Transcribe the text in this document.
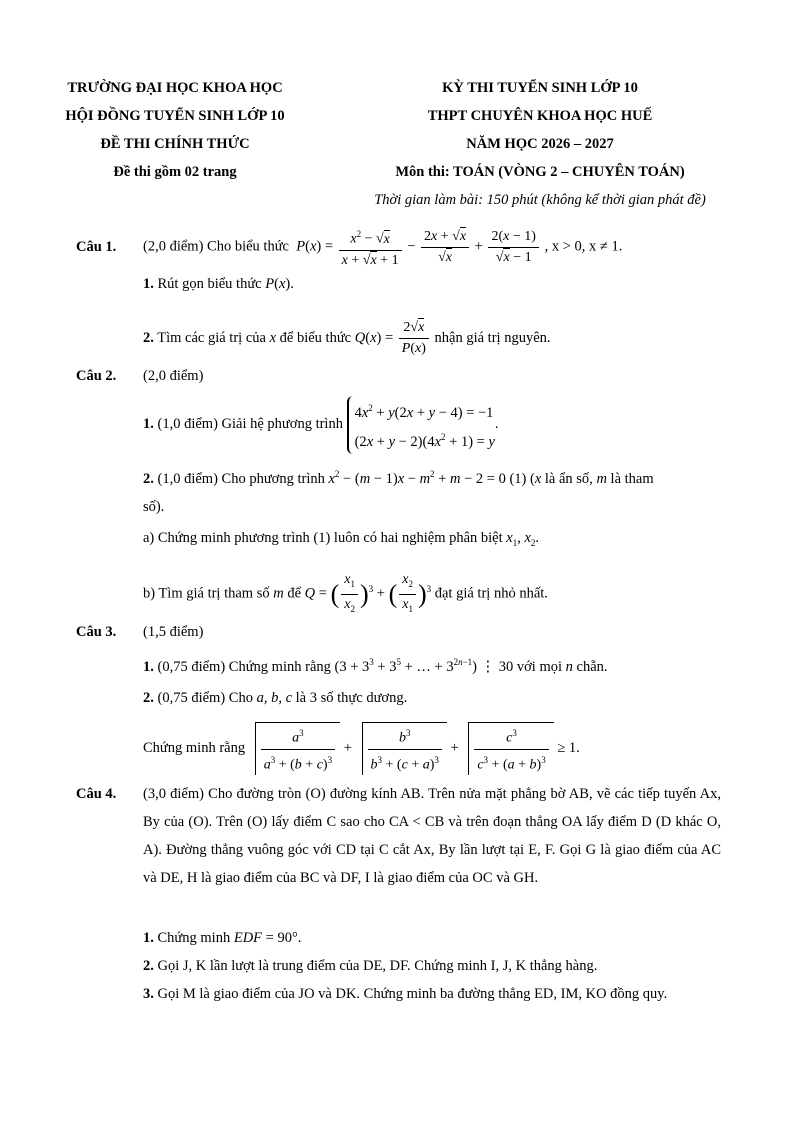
TRƯỜNG ĐẠI HỌC KHOA HỌC
HỘI ĐỒNG TUYỂN SINH LỚP 10
ĐỀ THI CHÍNH THỨC
Đề thi gồm 02 trang
KỲ THI TUYỂN SINH LỚP 10
THPT CHUYÊN KHOA HỌC HUẾ
NĂM HỌC 2026 – 2027
Môn thi: TOÁN (VÒNG 2 – CHUYÊN TOÁN)
Thời gian làm bài: 150 phút (không kể thời gian phát đề)
Câu 1. (2,0 điểm) Cho biểu thức  $P(x) = \frac{x^2 - √x}{x + √x + 1} - \frac{2x + √x}{√x} + \frac{2(x - 1)}{√x - 1}$ , x > 0, x ≠ 1.
1. Rút gọn biểu thức P(x).
2. Tìm các giá trị của x để biểu thức $Q(x) = \frac{2√x}{P(x)}$ nhận giá trị nguyên.
Câu 2. (2,0 điểm)
1. (1,0 điểm) Giải hệ phương trình
$4x^2 + y(2x + y - 4) = -1$
$(2x + y - 2)(4x^2 + 1) = y$
.
2. (1,0 điểm) Cho phương trình $x^2 - (m - 1)x - m^2 + m - 2 = 0$ (1) (x là ẩn số, m là tham
số).
a) Chứng minh phương trình (1) luôn có hai nghiệm phân biệt $x_1$, $x_2$.
b) Tìm giá trị tham số m để Q = ( $\frac{x_1}{x_2} )^3$ + ( $\frac{x_2}{x_1} )^3$ đạt giá trị nhỏ nhất.
Câu 3. (1,5 điểm)
1. (0,75 điểm) Chứng minh rằng ($3 + 3^3 + 3^5$ + … + $3^{2n-1}$) ⋮ 30 với mọi n chẵn.
2. (0,75 điểm) Cho a, b, c là 3 số thực dương.
Chứng minh rằng $\frac{a^3}{a^3 + (b + c)^3} + \frac{b^3}{b^3 + (c + a)^3} + \frac{c^3}{c^3 + (a + b)^3} \ge 1$.
Câu 4.	(3,0 điểm) Cho đường tròn (O) đường kính AB. Trên nửa mặt phẳng bờ AB, vẽ các tiếp tuyến Ax, By của (O). Trên (O) lấy điểm C sao cho CA < CB và trên đoạn thẳng OA lấy điểm D (D khác O, A). Đường thẳng vuông góc với CD tại C cắt Ax, By lần lượt tại E, F. Gọi G là giao điểm của AC và DE, H là giao điểm của BC và DF, I là giao điểm của OC và GH.
1. Chứng minh EDF = 90°.
2. Gọi J, K lần lượt là trung điểm của DE, DF. Chứng minh I, J, K thẳng hàng.
3. Gọi M là giao điểm của JO và DK. Chứng minh ba đường thẳng ED, IM, KO đồng quy.
